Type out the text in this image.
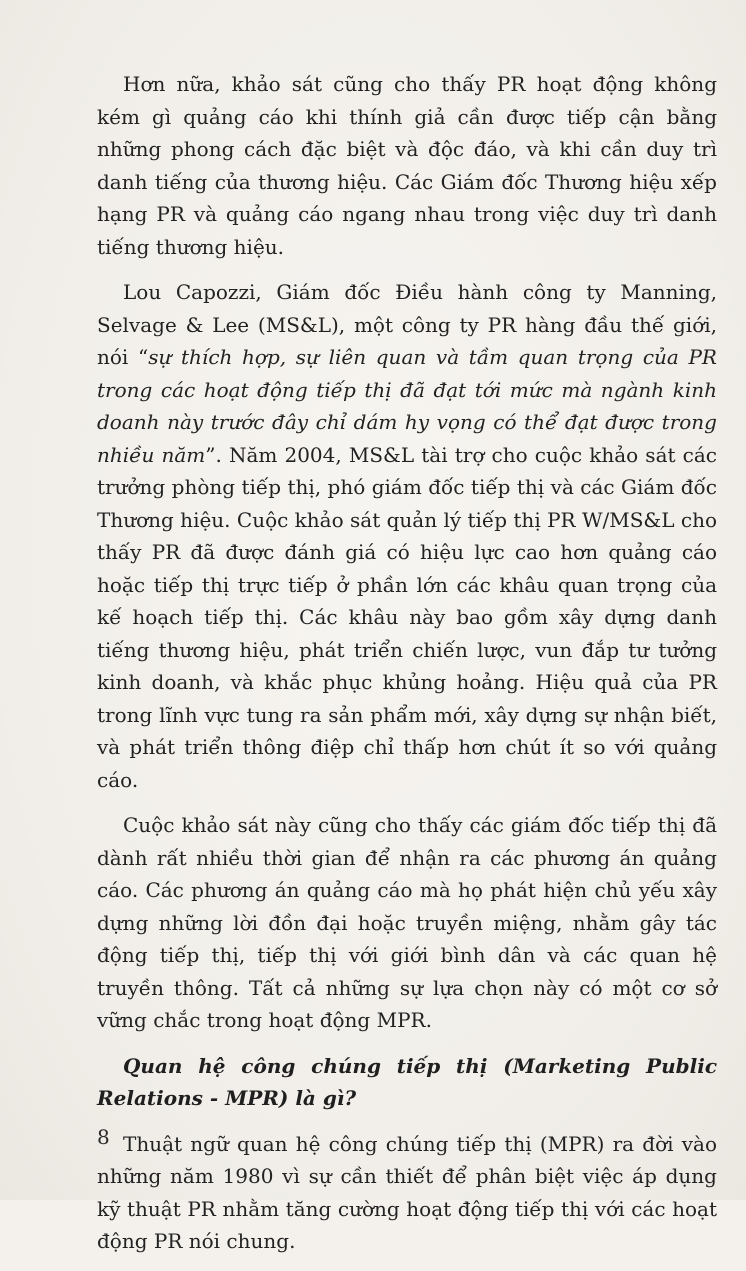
Hơn nữa, khảo sát cũng cho thấy PR hoạt động không kém gì quảng cáo khi thính giả cần được tiếp cận bằng những phong cách đặc biệt và độc đáo, và khi cần duy trì danh tiếng của thương hiệu. Các Giám đốc Thương hiệu xếp hạng PR và quảng cáo ngang nhau trong việc duy trì danh tiếng thương hiệu.

Lou Capozzi, Giám đốc Điều hành công ty Manning, Selvage & Lee (MS&L), một công ty PR hàng đầu thế giới, nói “sự thích hợp, sự liên quan và tầm quan trọng của PR trong các hoạt động tiếp thị đã đạt tới mức mà ngành kinh doanh này trước đây chỉ dám hy vọng có thể đạt được trong nhiều năm”. Năm 2004, MS&L tài trợ cho cuộc khảo sát các trưởng phòng tiếp thị, phó giám đốc tiếp thị và các Giám đốc Thương hiệu. Cuộc khảo sát quản lý tiếp thị PR W/MS&L cho thấy PR đã được đánh giá có hiệu lực cao hơn quảng cáo hoặc tiếp thị trực tiếp ở phần lớn các khâu quan trọng của kế hoạch tiếp thị. Các khâu này bao gồm xây dựng danh tiếng thương hiệu, phát triển chiến lược, vun đắp tư tưởng kinh doanh, và khắc phục khủng hoảng. Hiệu quả của PR trong lĩnh vực tung ra sản phẩm mới, xây dựng sự nhận biết, và phát triển thông điệp chỉ thấp hơn chút ít so với quảng cáo.

Cuộc khảo sát này cũng cho thấy các giám đốc tiếp thị đã dành rất nhiều thời gian để nhận ra các phương án quảng cáo. Các phương án quảng cáo mà họ phát hiện chủ yếu xây dựng những lời đồn đại hoặc truyền miệng, nhằm gây tác động tiếp thị, tiếp thị với giới bình dân và các quan hệ truyền thông. Tất cả những sự lựa chọn này có một cơ sở vững chắc trong hoạt động MPR.

Quan hệ công chúng tiếp thị (Marketing Public Relations - MPR) là gì?

Thuật ngữ quan hệ công chúng tiếp thị (MPR) ra đời vào những năm 1980 vì sự cần thiết để phân biệt việc áp dụng kỹ thuật PR nhằm tăng cường hoạt động tiếp thị với các hoạt động PR nói chung.

8
